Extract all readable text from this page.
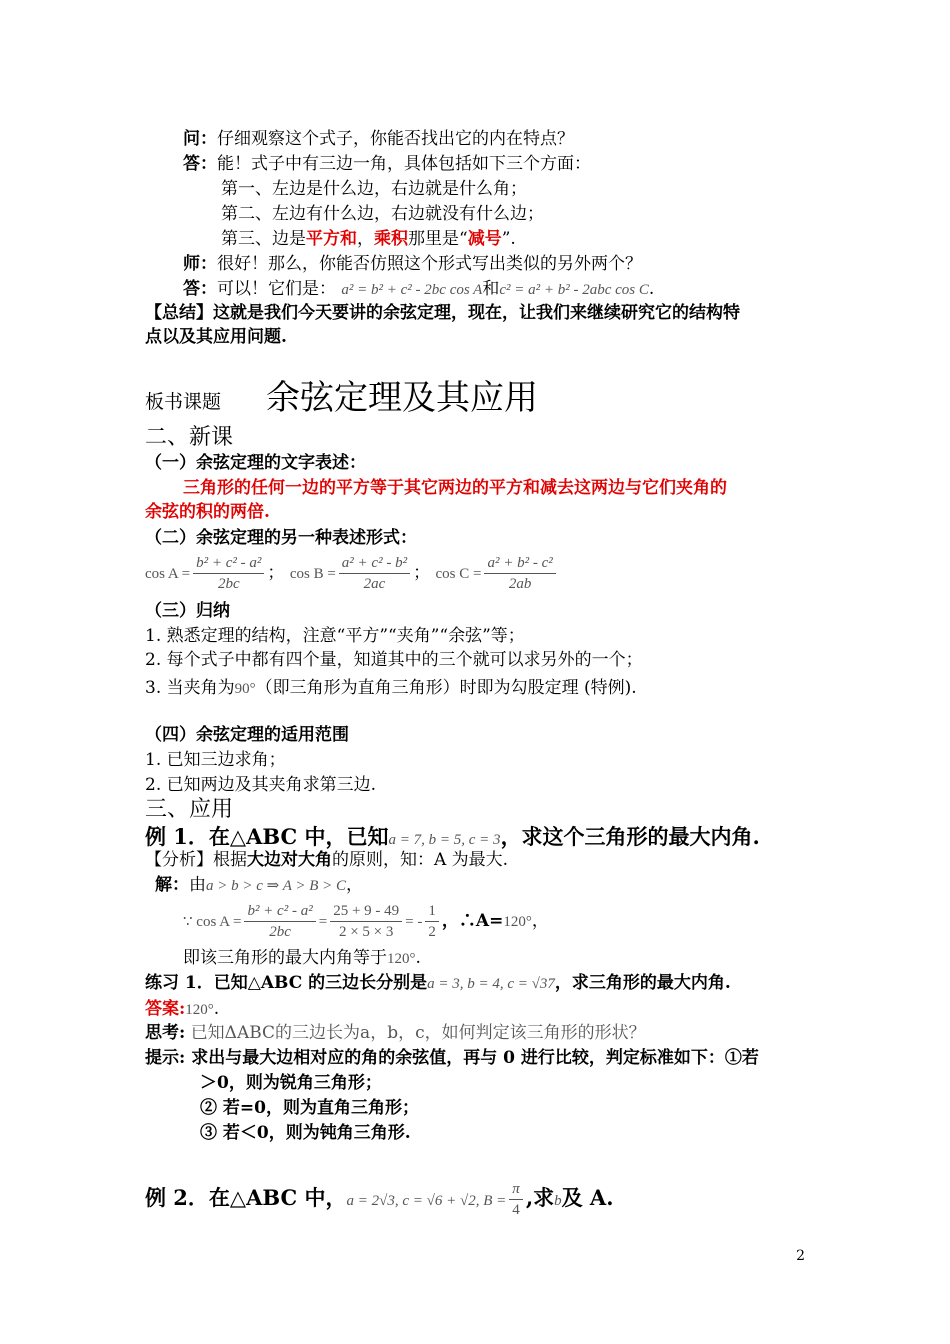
问：仔细观察这个式子，你能否找出它的内在特点？
答：能！式子中有三边一角，具体包括如下三个方面：
第一、左边是什么边，右边就是什么角；
第二、左边有什么边，右边就没有什么边；
第三、边是平方和，乘积那里是“减号”.
师：很好！那么，你能否仿照这个形式写出类似的另外两个？
答：可以！它们是： a² = b² + c² - 2bc cos A和c² = a² + b² - 2abc cos C.
【总结】这就是我们今天要讲的余弦定理，现在，让我们来继续研究它的结构特
点以及其应用问题.
板书课题 余弦定理及其应用
二、新课
（一）余弦定理的文字表述：
三角形的任何一边的平方等于其它两边的平方和减去这两边与它们夹角的
余弦的积的两倍.
（二）余弦定理的另一种表述形式：
$\cos A = \frac{\text{b² + c² - a²}}{2bc}$ ； $\cos B = \frac{\text{a² + c² - b²}}{2ac}$ ； $\cos C = \frac{\text{a² + b² - c²}}{2ab}$
（三）归纳
1. 熟悉定理的结构，注意“平方”“夹角”“余弦”等；
2. 每个式子中都有四个量，知道其中的三个就可以求另外的一个；
3. 当夹角为90°（即三角形为直角三角形）时即为勾股定理 (特例).
（四）余弦定理的适用范围
1. 已知三边求角；
2. 已知两边及其夹角求第三边.
三、应用
例 1．在△ABC 中，已知a = 7, b = 5, c = 3，求这个三角形的最大内角.
【分析】根据大边对大角的原则，知：A 为最大.
解：由a > b > c ⇒ A > B > C，
∵ $\cos A = \frac{\text{b² + c² - a²}}{2bc} = \frac{25 + 9 - 49}{2 \times 5 \times 3}$ = - $\frac{1}{2}$ ，∴A=120°，
即该三角形的最大内角等于120°.
练习 1．已知△ABC 的三边长分别是a = 3, b = 4, c = √37，求三角形的最大内角.
答案:120°.
思考: 已知ΔABC的三边长为a，b，c，如何判定该三角形的形状？
提示: 求出与最大边相对应的角的余弦值，再与 0 进行比较，判定标准如下：①若
＞0，则为锐角三角形；
② 若=0，则为直角三角形；
③ 若＜0，则为钝角三角形.
例 2．在△ABC 中，a = 2√3, c = √6 + √2, $B = \frac{\pi}{4}$ ,求b及 A.
2
